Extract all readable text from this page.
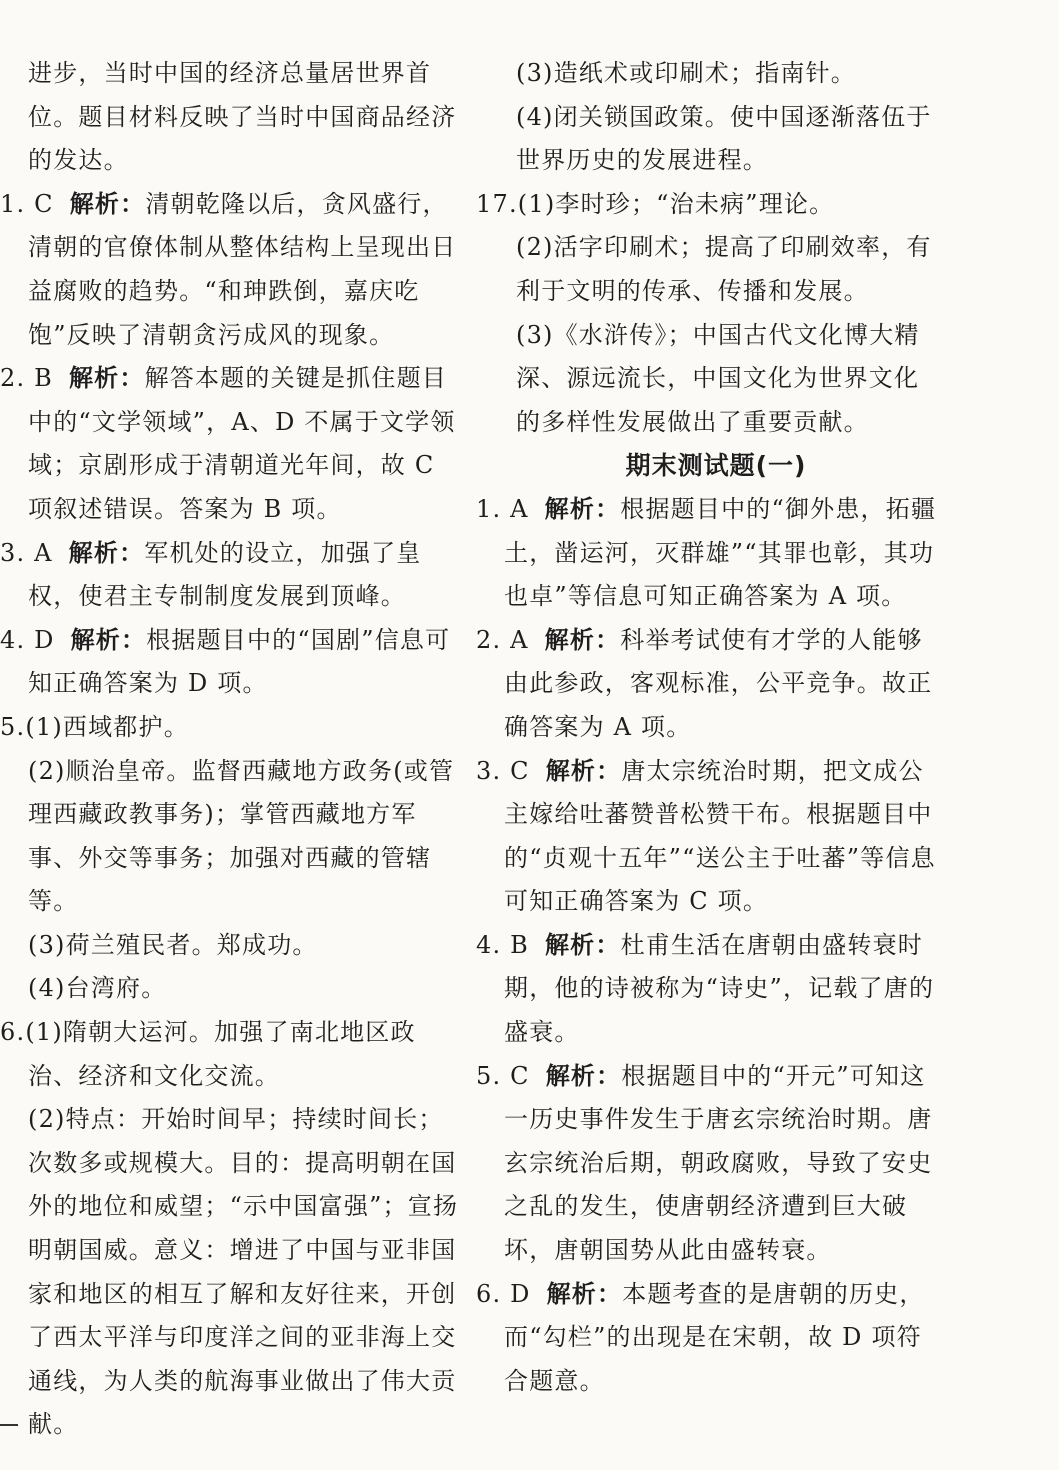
进步，当时中国的经济总量居世界首位。题目材料反映了当时中国商品经济的发达。

1. C 解析：清朝乾隆以后，贪风盛行，清朝的官僚体制从整体结构上呈现出日益腐败的趋势。“和珅跌倒，嘉庆吃饱”反映了清朝贪污成风的现象。

2. B 解析：解答本题的关键是抓住题目中的“文学领域”，A、D 不属于文学领域；京剧形成于清朝道光年间，故 C 项叙述错误。答案为 B 项。

3. A 解析：军机处的设立，加强了皇权，使君主专制制度发展到顶峰。

4. D 解析：根据题目中的“国剧”信息可知正确答案为 D 项。

5.(1)西域都护。

(2)顺治皇帝。监督西藏地方政务(或管理西藏政教事务)；掌管西藏地方军事、外交等事务；加强对西藏的管辖等。

(3)荷兰殖民者。郑成功。

(4)台湾府。

6.(1)隋朝大运河。加强了南北地区政治、经济和文化交流。

(2)特点：开始时间早；持续时间长；次数多或规模大。目的：提高明朝在国外的地位和威望；“示中国富强”；宣扬明朝国威。意义：增进了中国与亚非国家和地区的相互了解和友好往来，开创了西太平洋与印度洋之间的亚非海上交通线，为人类的航海事业做出了伟大贡献。

(3)造纸术或印刷术；指南针。

(4)闭关锁国政策。使中国逐渐落伍于世界历史的发展进程。

17.(1)李时珍；“治未病”理论。

(2)活字印刷术；提高了印刷效率，有利于文明的传承、传播和发展。

(3)《水浒传》；中国古代文化博大精深、源远流长，中国文化为世界文化的多样性发展做出了重要贡献。

期末测试题(一)

1. A 解析：根据题目中的“御外患，拓疆土，凿运河，灭群雄”“其罪也彰，其功也卓”等信息可知正确答案为 A 项。

2. A 解析：科举考试使有才学的人能够由此参政，客观标准，公平竞争。故正确答案为 A 项。

3. C 解析：唐太宗统治时期，把文成公主嫁给吐蕃赞普松赞干布。根据题目中的“贞观十五年”“送公主于吐蕃”等信息可知正确答案为 C 项。

4. B 解析：杜甫生活在唐朝由盛转衰时期，他的诗被称为“诗史”，记载了唐的盛衰。

5. C 解析：根据题目中的“开元”可知这一历史事件发生于唐玄宗统治时期。唐玄宗统治后期，朝政腐败，导致了安史之乱的发生，使唐朝经济遭到巨大破坏，唐朝国势从此由盛转衰。

6. D 解析：本题考查的是唐朝的历史，而“勾栏”的出现是在宋朝，故 D 项符合题意。
